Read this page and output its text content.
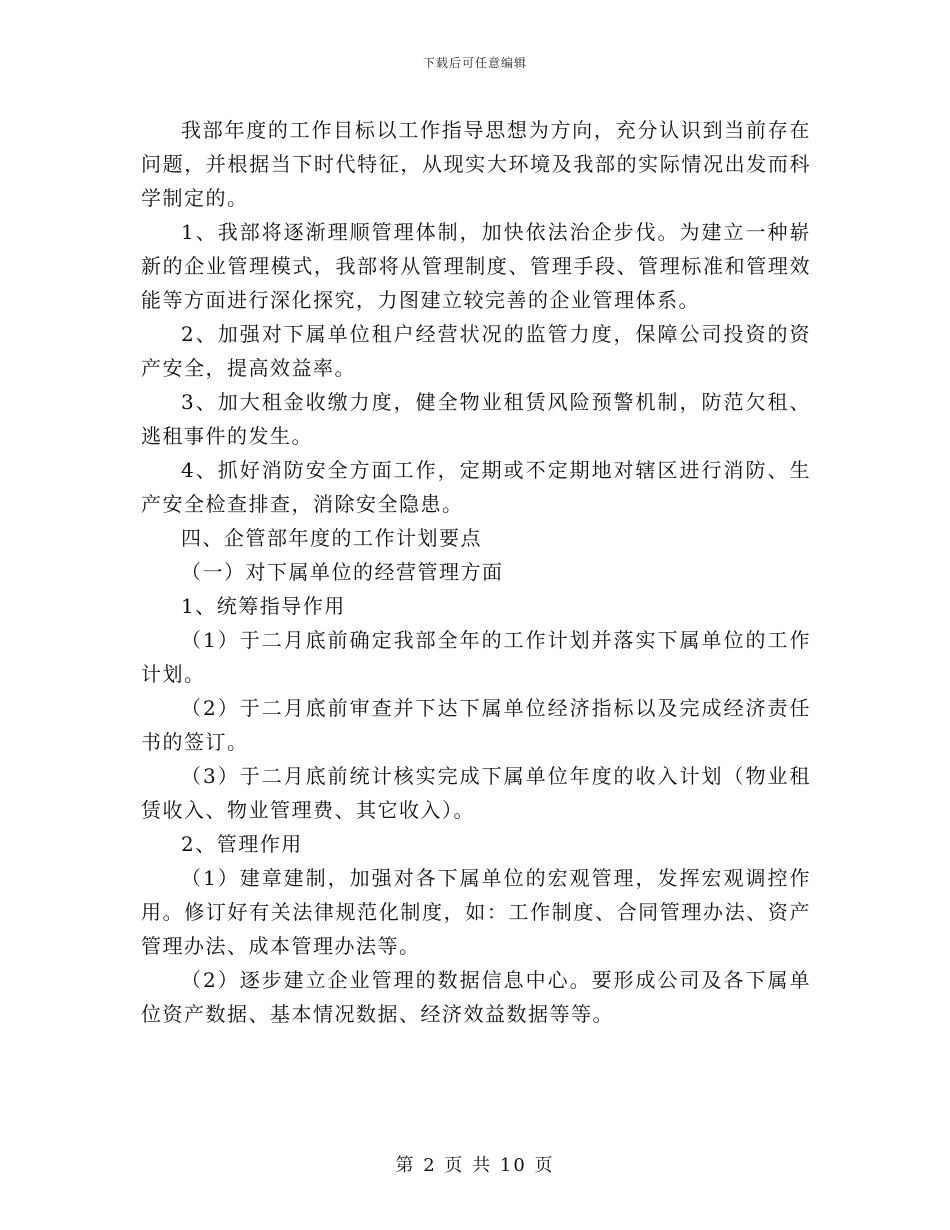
下载后可任意编辑

我部年度的工作目标以工作指导思想为方向，充分认识到当前存在问题，并根据当下时代特征，从现实大环境及我部的实际情况出发而科学制定的。

1、我部将逐渐理顺管理体制，加快依法治企步伐。为建立一种崭新的企业管理模式，我部将从管理制度、管理手段、管理标准和管理效能等方面进行深化探究，力图建立较完善的企业管理体系。

2、加强对下属单位租户经营状况的监管力度，保障公司投资的资产安全，提高效益率。

3、加大租金收缴力度，健全物业租赁风险预警机制，防范欠租、逃租事件的发生。

4、抓好消防安全方面工作，定期或不定期地对辖区进行消防、生产安全检查排查，消除安全隐患。

四、企管部年度的工作计划要点

（一）对下属单位的经营管理方面

1、统筹指导作用

（1）于二月底前确定我部全年的工作计划并落实下属单位的工作计划。

（2）于二月底前审查并下达下属单位经济指标以及完成经济责任书的签订。

（3）于二月底前统计核实完成下属单位年度的收入计划（物业租赁收入、物业管理费、其它收入）。

2、管理作用

（1）建章建制，加强对各下属单位的宏观管理，发挥宏观调控作用。修订好有关法律规范化制度，如：工作制度、合同管理办法、资产管理办法、成本管理办法等。

（2）逐步建立企业管理的数据信息中心。要形成公司及各下属单位资产数据、基本情况数据、经济效益数据等等。

第 2 页 共 10 页
